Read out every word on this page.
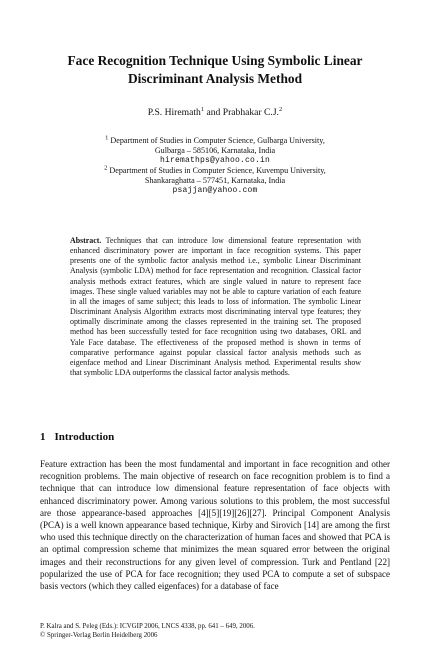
Face Recognition Technique Using Symbolic Linear
Discriminant Analysis Method
P.S. Hiremath$^1$ and Prabhakar C.J.$^2$
$^1$ Department of Studies in Computer Science, Gulbarga University,
Gulbarga – 585106, Karnataka, India
hiremathps@yahoo.co.in
$^2$ Department of Studies in Computer Science, Kuvempu University,
Shankaraghatta – 577451, Karnataka, India
psajjan@yahoo.com

Abstract. Techniques that can introduce low dimensional feature representation with enhanced discriminatory power are important in face recognition systems. This paper presents one of the symbolic factor analysis method i.e., symbolic Linear Discriminant Analysis (symbolic LDA) method for face representation and recognition. Classical factor analysis methods extract features, which are single valued in nature to represent face images. These single valued variables may not be able to capture variation of each feature in all the images of same subject; this leads to loss of information. The symbolic Linear Discriminant Analysis Algorithm extracts most discriminating interval type features; they optimally discriminate among the classes represented in the training set. The proposed method has been successfully tested for face recognition using two databases, ORL and Yale Face database. The effectiveness of the proposed method is shown in terms of comparative performance against popular classical factor analysis methods such as eigenface method and Linear Discriminant Analysis method. Experimental results show that symbolic LDA outperforms the classical factor analysis methods.

1 Introduction

Feature extraction has been the most fundamental and important in face recognition and other recognition problems. The main objective of research on face recognition problem is to find a technique that can introduce low dimensional feature representation of face objects with enhanced discriminatory power. Among various solutions to this problem, the most successful are those appearance-based approaches [4][5][19][26][27]. Principal Component Analysis (PCA) is a well known appearance based technique, Kirby and Sirovich [14] are among the first who used this technique directly on the characterization of human faces and showed that PCA is an optimal compression scheme that minimizes the mean squared error between the original images and their reconstructions for any given level of compression. Turk and Pentland [22] popularized the use of PCA for face recognition; they used PCA to compute a set of subspace basis vectors (which they called eigenfaces) for a database of face

P. Kalra and S. Peleg (Eds.): ICVGIP 2006, LNCS 4338, pp. 641 – 649, 2006.
© Springer-Verlag Berlin Heidelberg 2006
